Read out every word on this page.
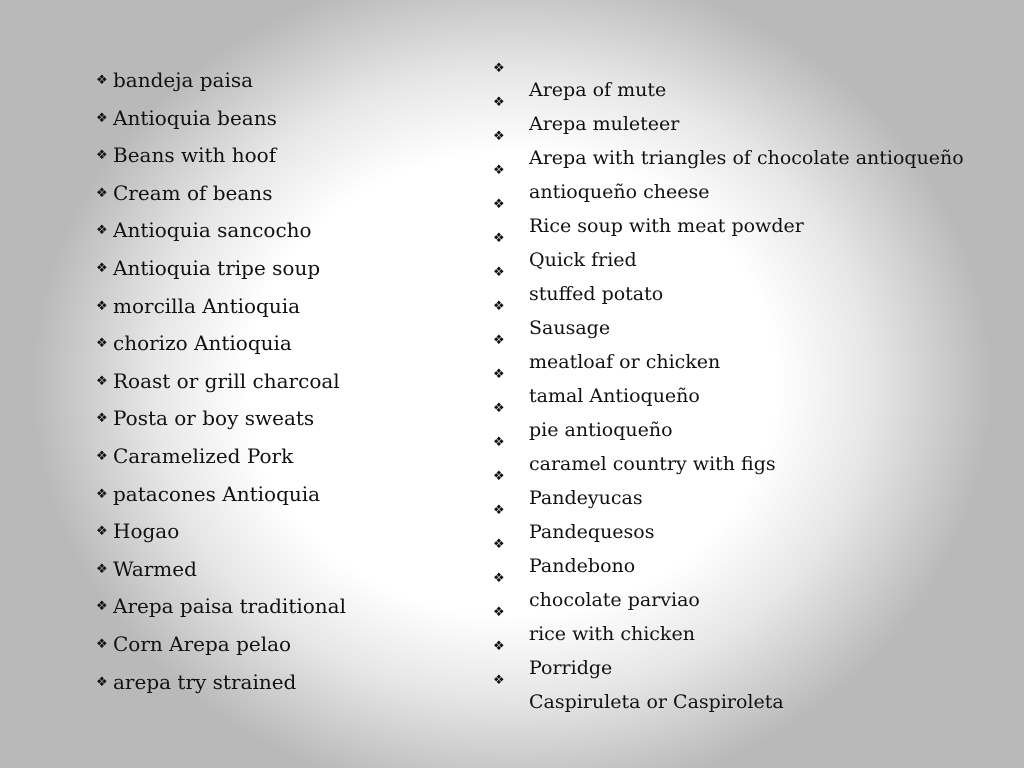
❖ bandeja paisa
❖ Antioquia beans
❖ Beans with hoof
❖ Cream of beans
❖ Antioquia sancocho
❖ Antioquia tripe soup
❖ morcilla Antioquia
❖ chorizo Antioquia
❖ Roast or grill charcoal
❖ Posta or boy sweats
❖ Caramelized Pork
❖ patacones Antioquia
❖ Hogao
❖ Warmed
❖ Arepa paisa traditional
❖ Corn Arepa pelao
❖ arepa try strained
❖
❖
❖
❖
❖
❖
❖
❖
❖
❖
❖
❖
❖
❖
❖
❖
❖
❖
❖
Arepa of mute
Arepa muleteer
Arepa with triangles of chocolate antioqueño
antioqueño cheese
Rice soup with meat powder
Quick fried
stuffed potato
Sausage
meatloaf or chicken
tamal Antioqueño
pie antioqueño
caramel country with figs
Pandeyucas
Pandequesos
Pandebono
chocolate parviao
rice with chicken
Porridge
Caspiruleta or Caspiroleta
